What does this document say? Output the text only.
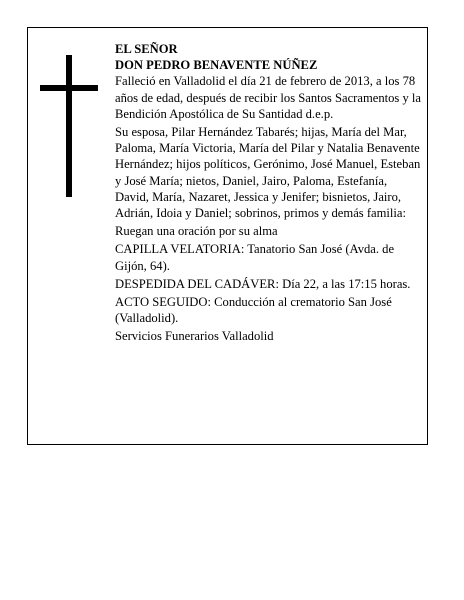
EL SEÑOR

DON PEDRO BENAVENTE NÚÑEZ

Falleció en Valladolid el día 21 de febrero de 2013, a los 78 años de edad, después de recibir los Santos Sacramentos y la Bendición Apostólica de Su Santidad d.e.p.

Su esposa, Pilar Hernández Tabarés; hijas, María del Mar, Paloma, María Victoria, María del Pilar y Natalia Benavente Hernández; hijos políticos, Gerónimo, José Manuel, Esteban y José María; nietos, Daniel, Jairo, Paloma, Estefanía, David, María, Nazaret, Jessica y Jenifer; bisnietos, Jairo, Adrián, Idoia y Daniel; sobrinos, primos y demás familia:

Ruegan una oración por su alma

CAPILLA VELATORIA: Tanatorio San José (Avda. de Gijón, 64).

DESPEDIDA DEL CADÁVER: Día 22, a las 17:15 horas.

ACTO SEGUIDO: Conducción al crematorio San José (Valladolid).

Servicios Funerarios Valladolid
